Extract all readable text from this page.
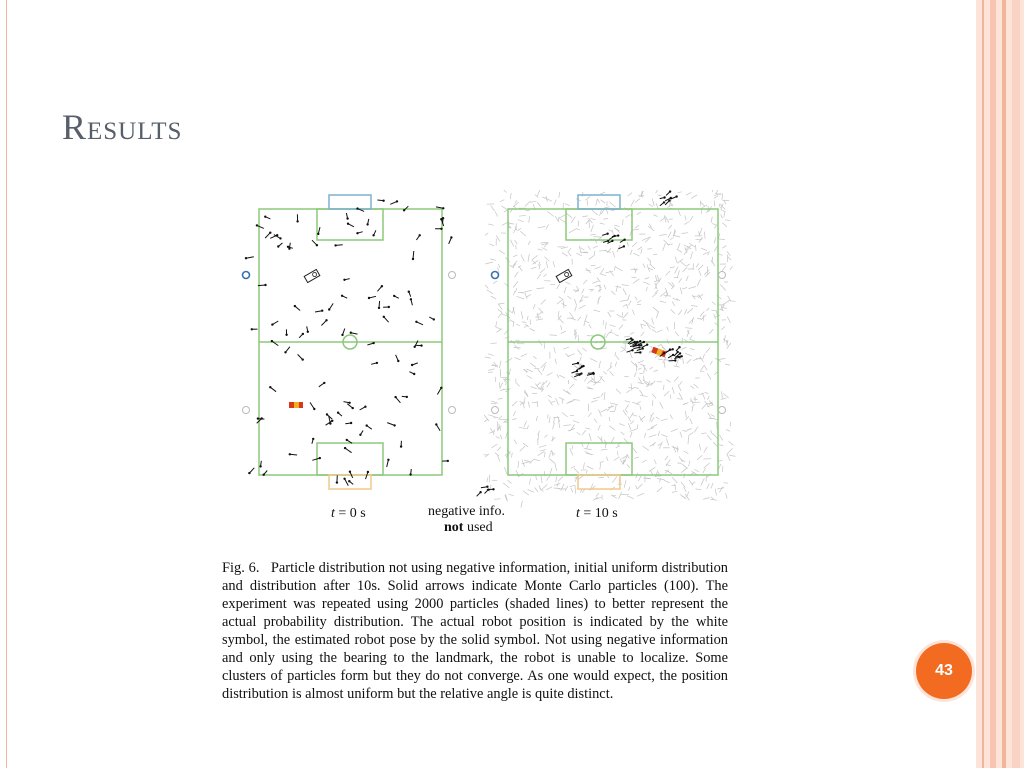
Results
t = 0 s	negative info.
not used
t = 10 s

Fig. 6. Particle distribution not using negative information, initial uniform distribution and distribution after 10s. Solid arrows indicate Monte Carlo particles (100). The experiment was repeated using 2000 particles (shaded lines) to better represent the actual probability distribution. The actual robot position is indicated by the white symbol, the estimated robot pose by the solid symbol. Not using negative information and only using the bearing to the landmark, the robot is unable to localize. Some clusters of particles form but they do not converge. As one would expect, the position distribution is almost uniform but the relative angle is quite distinct.

43
